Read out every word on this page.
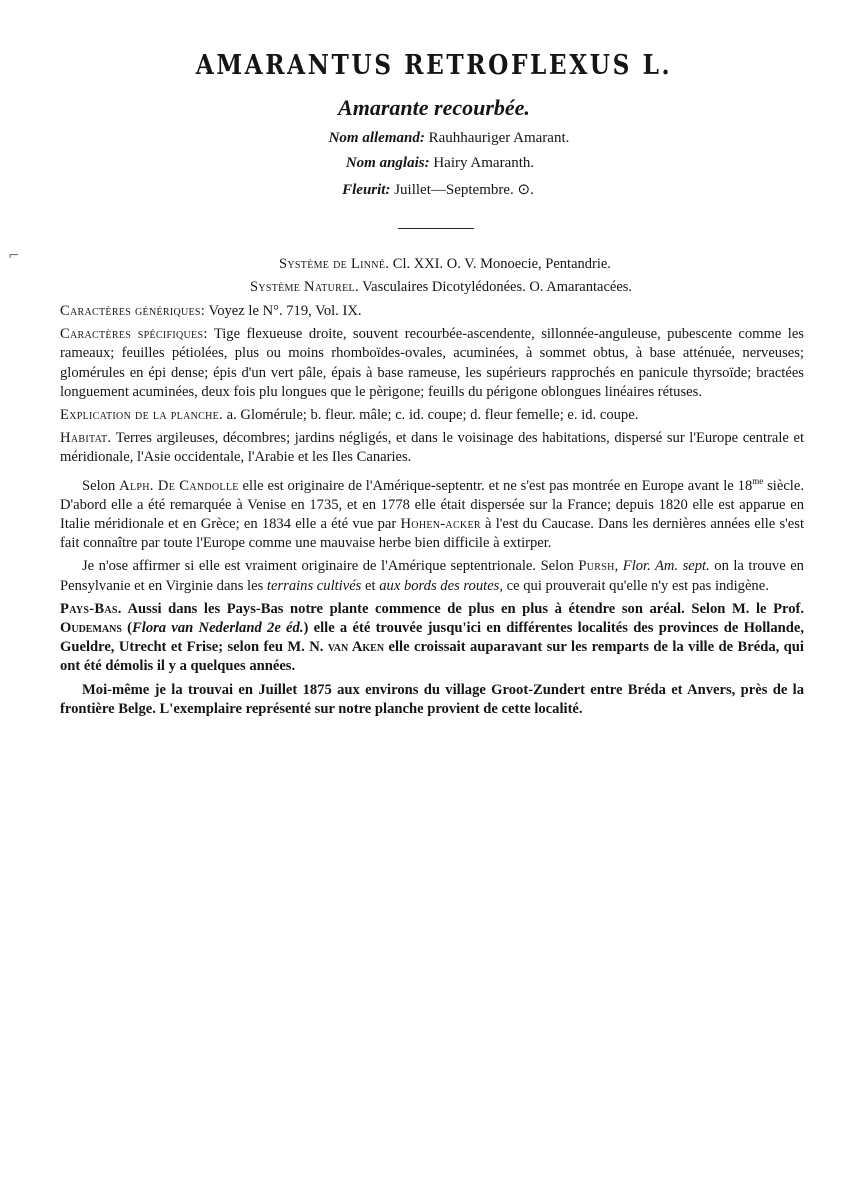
AMARANTUS RETROFLEXUS L.
Amarante recourbée.
Nom allemand: Rauhhauriger Amarant.
Nom anglais: Hairy Amaranth.
Fleurit: Juillet—Septembre. ⊙.
Système de Linné. Cl. XXI. O. V. Monoecie, Pentandrie.
Système Naturel. Vasculaires Dicotylédonées. O. Amarantacées.

Caractères génériques: Voyez le N°. 719, Vol. IX.

Caractères spécifiques: Tige flexueuse droite, souvent recourbée-ascendente, sillonnée-anguleuse, pubescente comme les rameaux; feuilles pétiolées, plus ou moins rhomboïdes-ovales, acuminées, à sommet obtus, à base atténuée, nerveuses; glomérules en épi dense; épis d'un vert pâle, épais à base rameuse, les supérieurs rapprochés en panicule thyrsoïde; bractées longuement acuminées, deux fois plu longues que le pèrigone; feuills du périgone oblongues linéaires rétuses.

Explication de la planche. a. Glomérule; b. fleur. mâle; c. id. coupe; d. fleur femelle; e. id. coupe.

Habitat. Terres argileuses, décombres; jardins négligés, et dans le voisinage des habitations, dispersé sur l'Europe centrale et méridionale, l'Asie occidentale, l'Arabie et les Iles Canaries.

Selon Alph. De Candolle elle est originaire de l'Amérique-septentr. et ne s'est pas montrée en Europe avant le $18^{me}$ siècle. D'abord elle a été remarquée à Venise en 1735, et en 1778 elle était dispersée sur la France; depuis 1820 elle est apparue en Italie méridionale et en Grèce; en 1834 elle a été vue par Hohen-acker à l'est du Caucase. Dans les dernières années elle s'est fait connaître par toute l'Europe comme une mauvaise herbe bien difficile à extirper.

Je n'ose affirmer si elle est vraiment originaire de l'Amérique septentrionale. Selon Pursh, Flor. Am. sept. on la trouve en Pensylvanie et en Virginie dans les terrains cultivés et aux bords des routes, ce qui prouverait qu'elle n'y est pas indigène.

Pays-Bas. Aussi dans les Pays-Bas notre plante commence de plus en plus à étendre son aréal. Selon M. le Prof. Oudemans (Flora van Nederland 2e éd.) elle a été trouvée jusqu'ici en différentes localités des provinces de Hollande, Gueldre, Utrecht et Frise; selon feu M. N. van Aken elle croissait auparavant sur les remparts de la ville de Bréda, qui ont été démolis il y a quelques années.

Moi-même je la trouvai en Juillet 1875 aux environs du village Groot-Zundert entre Bréda et Anvers, près de la frontière Belge. L'exemplaire représenté sur notre planche provient de cette localité.

⌐
